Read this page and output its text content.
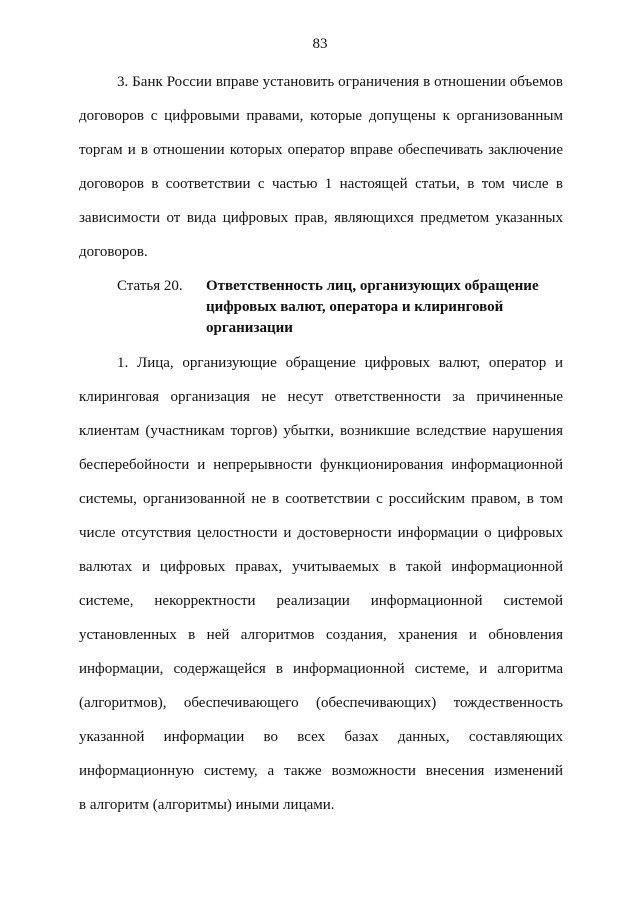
83
3. Банк России вправе установить ограничения в отношении объемов
договоров с цифровыми правами, которые допущены к организованным
торгам и в отношении которых оператор вправе обеспечивать заключение
договоров в соответствии с частью 1 настоящей статьи, в том числе в
зависимости от вида цифровых прав, являющихся предметом указанных
договоров.
Статья 20. Ответственность лиц, организующих обращение
цифровых валют, оператора и клиринговой
организации
1. Лица, организующие обращение цифровых валют, оператор и
клиринговая организация не несут ответственности за причиненные
клиентам (участникам торгов) убытки, возникшие вследствие нарушения
бесперебойности и непрерывности функционирования информационной
системы, организованной не в соответствии с российским правом, в том
числе отсутствия целостности и достоверности информации о цифровых
валютах и цифровых правах, учитываемых в такой информационной
системе, некорректности реализации информационной системой
установленных в ней алгоритмов создания, хранения и обновления
информации, содержащейся в информационной системе, и алгоритма
(алгоритмов), обеспечивающего (обеспечивающих) тождественность
указанной информации во всех базах данных, составляющих
информационную систему, а также возможности внесения изменений
в алгоритм (алгоритмы) иными лицами.
